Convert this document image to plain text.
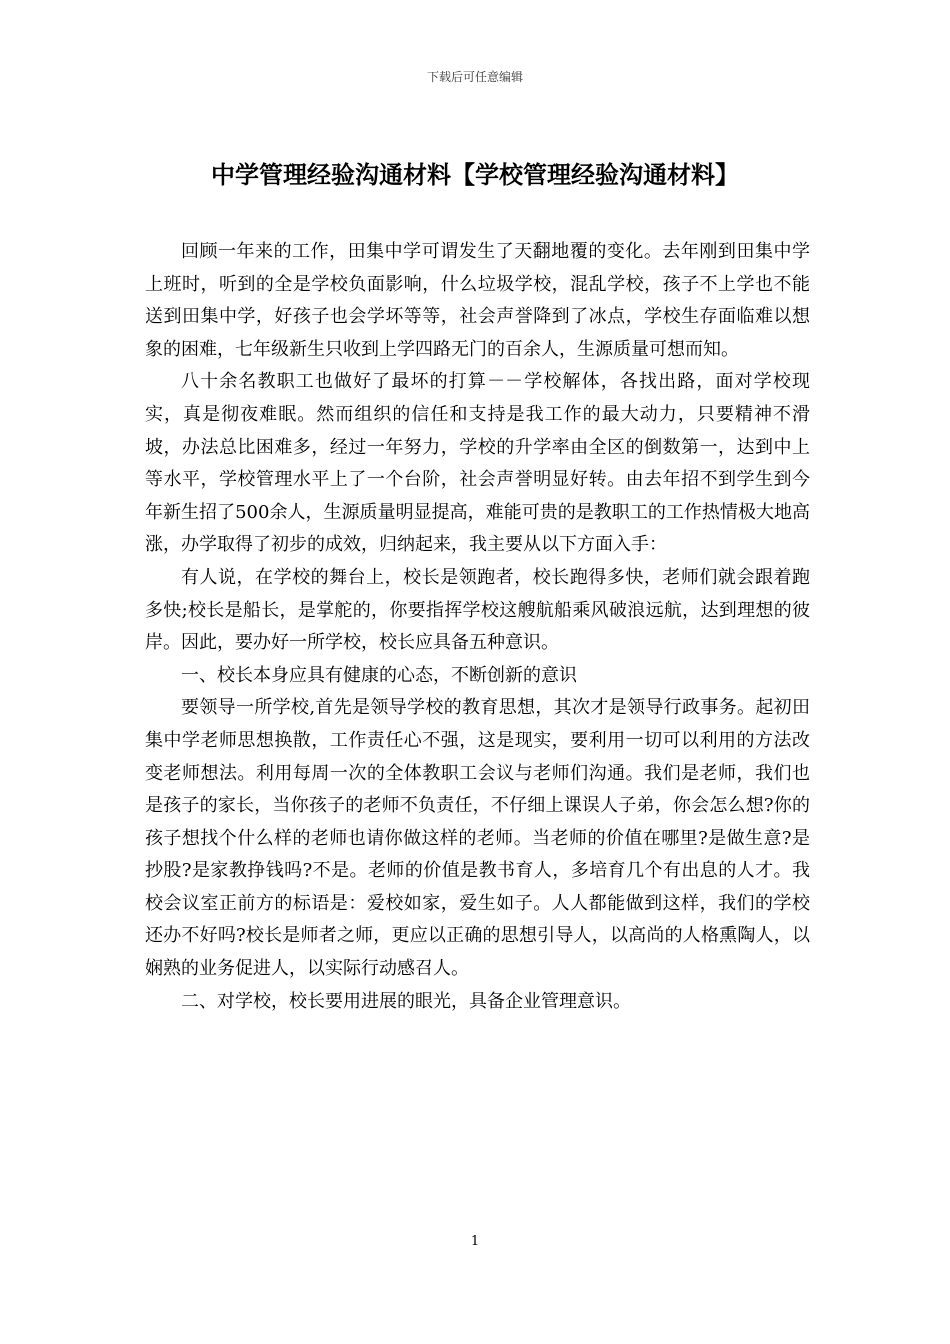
下载后可任意编辑
中学管理经验沟通材料【学校管理经验沟通材料】

回顾一年来的工作，田集中学可谓发生了天翻地覆的变化。去年刚到田集中学上班时，听到的全是学校负面影响，什么垃圾学校，混乱学校，孩子不上学也不能送到田集中学，好孩子也会学坏等等，社会声誉降到了冰点，学校生存面临难以想象的困难，七年级新生只收到上学四路无门的百余人，生源质量可想而知。

八十余名教职工也做好了最坏的打算－－学校解体，各找出路，面对学校现实，真是彻夜难眠。然而组织的信任和支持是我工作的最大动力，只要精神不滑坡，办法总比困难多，经过一年努力，学校的升学率由全区的倒数第一，达到中上等水平，学校管理水平上了一个台阶，社会声誉明显好转。由去年招不到学生到今年新生招了500余人，生源质量明显提高，难能可贵的是教职工的工作热情极大地高涨，办学取得了初步的成效，归纳起来，我主要从以下方面入手：

有人说，在学校的舞台上，校长是领跑者，校长跑得多快，老师们就会跟着跑多快;校长是船长，是掌舵的，你要指挥学校这艘航船乘风破浪远航，达到理想的彼岸。因此，要办好一所学校，校长应具备五种意识。

一、校长本身应具有健康的心态，不断创新的意识

要领导一所学校,首先是领导学校的教育思想，其次才是领导行政事务。起初田集中学老师思想换散，工作责任心不强，这是现实，要利用一切可以利用的方法改变老师想法。利用每周一次的全体教职工会议与老师们沟通。我们是老师，我们也是孩子的家长，当你孩子的老师不负责任，不仔细上课误人子弟，你会怎么想?你的孩子想找个什么样的老师也请你做这样的老师。当老师的价值在哪里?是做生意?是抄股?是家教挣钱吗?不是。老师的价值是教书育人，多培育几个有出息的人才。我校会议室正前方的标语是：爱校如家，爱生如子。人人都能做到这样，我们的学校还办不好吗?校长是师者之师，更应以正确的思想引导人，以高尚的人格熏陶人，以娴熟的业务促进人，以实际行动感召人。

二、对学校，校长要用进展的眼光，具备企业管理意识。

1
